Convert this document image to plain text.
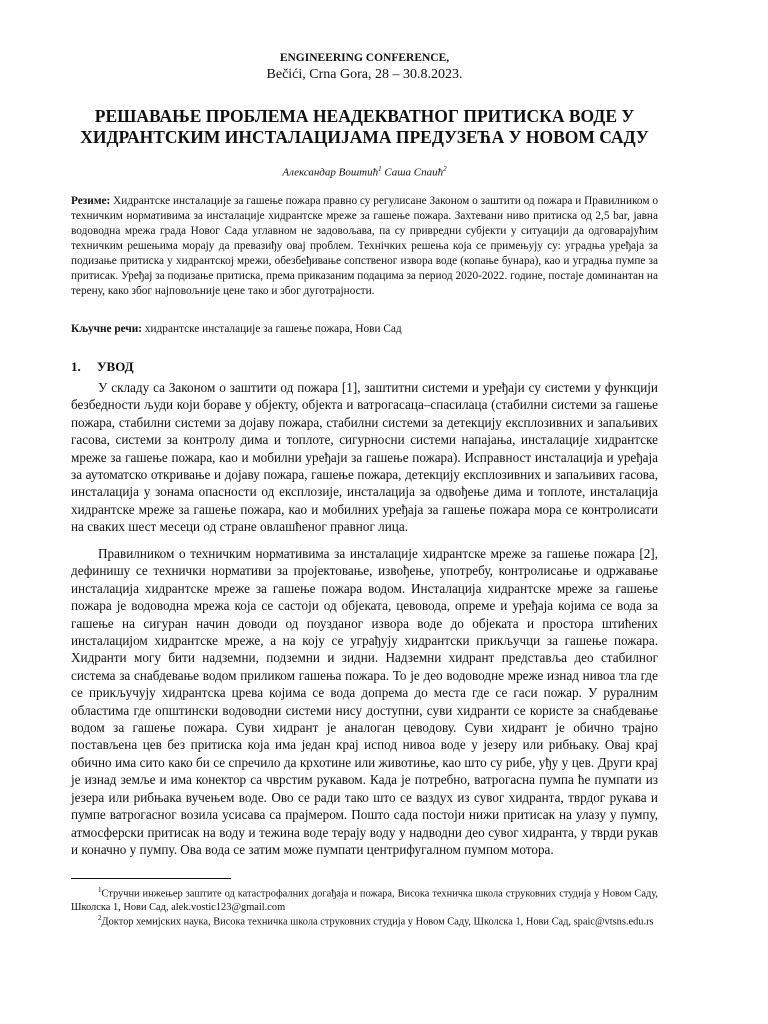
ENGINEERING CONFERENCE,
Bečići, Crna Gora, 28 – 30.8.2023.
РЕШАВАЊЕ ПРОБЛЕМА НЕАДЕКВАТНОГ ПРИТИСКА ВОДЕ У ХИДРАНТСКИМ ИНСТАЛАЦИЈАМА ПРЕДУЗЕЋА У НОВОМ САДУ
Александар Вoштић$^1$ Саша Спаић$^2$

Резиме: Хидрантске инсталације за гашење пожара правно су регулисане Законом о заштити од пожара и Правилником о техничким нормативима за инсталације хидрантске мреже за гашење пожара. Захтевани ниво притиска од 2,5 bar, јавна водоводна мрежа града Новог Сада углавном не задовољава, па су привредни субјекти у ситуацији да одговарајућим техничким решењима морају да превазиђу овај проблем. Технічких решења која се примењују су: уградња уређаја за подизање притиска у хидрантској мрежи, обезбеђивање сопственог извора воде (копање бунара), као и уградња пумпе за притисак. Уређај за подизање притиска, према приказаним подацима за период 2020-2022. године, постаје доминантан на терену, како због најповољније цене тако и због дуготрајности.

Кључне речи: хидрантске инсталације за гашење пожара, Нови Сад

1. УВОД

У складу са Законом о заштити од пожара [1], заштитни системи и уређаји су системи у функцији безбедности људи који бораве у објекту, објекта и ватрогасаца–спасилаца (стабилни системи за гашење пожара, стабилни системи за дојаву пожара, стабилни системи за детекцију експлозивних и запаљивих гасова, системи за контролу дима и топлоте, сигурносни системи напајања, инсталације хидрантске мреже за гашење пожара, као и мобилни уређаји за гашење пожара). Исправност инсталација и уређаја за аутоматско откривање и дојаву пожара, гашење пожара, детекцију експлозивних и запаљивих гасова, инсталација у зонама опасности од експлозије, инсталација за одвођење дима и топлоте, инсталација хидрантске мреже за гашење пожара, као и мобилних уређаја за гашење пожара мора се контролисати на сваких шест месеци од стране овлашћеног правног лица.

Правилником о техничким нормативима за инсталације хидрантске мреже за гашење пожара [2], дефинишу се технички нормативи за пројектовање, извођење, употребу, контролисање и одржавање инсталација хидрантске мреже за гашење пожара водом. Инсталација хидрантске мреже за гашење пожара је водоводна мрежа која се састоји од објеката, цевовода, опреме и уређаја којима се вода за гашење на сигуран начин доводи од поузданог извора воде до објеката и простора штићених инсталацијом хидрантске мреже, а на коју се уграђују хидрантски прикључци за гашење пожара. Хидранти могу бити надземни, подземни и зидни. Надземни хидрант представља део стабилног система за снабдевање водом приликом гашења пожара. То је део водоводне мреже изнад нивоа тла где се прикључују хидрантска црева којима се вода допрема до места где се гаси пожар. У руралним областима где општински водоводни системи нису доступни, суви хидранти се користе за снабдевање водом за гашење пожара. Суви хидрант је аналоган цеводову. Суви хидрант је обично трајно постављена цев без притиска која има један крај испод нивоа воде у језеру или рибњаку. Овај крај обично има сито како би се спречило да крхотине или животиње, као што су рибе, уђу у цев. Други крај је изнад земље и има конектор са чврстим рукавом. Када је потребно, ватрогасна пумпа ће пумпати из језера или рибњака вучењем воде. Ово се ради тако што се ваздух из сувог хидранта, тврдог рукава и пумпе ватрогасног возила усисава са прајмером. Пошто сада постоји нижи притисак на улазу у пумпу, атмосферски притисак на воду и тежина воде терају воду у надводни део сувог хидранта, у тврди рукав и коначно у пумпу. Ова вода се затим може пумпати центрифугалном пумпом мотора.

$^1$Стручни инжењер заштите од катастрофалних догађаја и пожара, Висока техничка школа струковних студија у Новом Саду, Школска 1, Нови Сад, alek.vostic123@gmail.com

$^2$Доктор хемијских наука, Висока техничка школа струковних студија у Новом Саду, Школска 1, Нови Сад, spaic@vtsns.edu.rs
